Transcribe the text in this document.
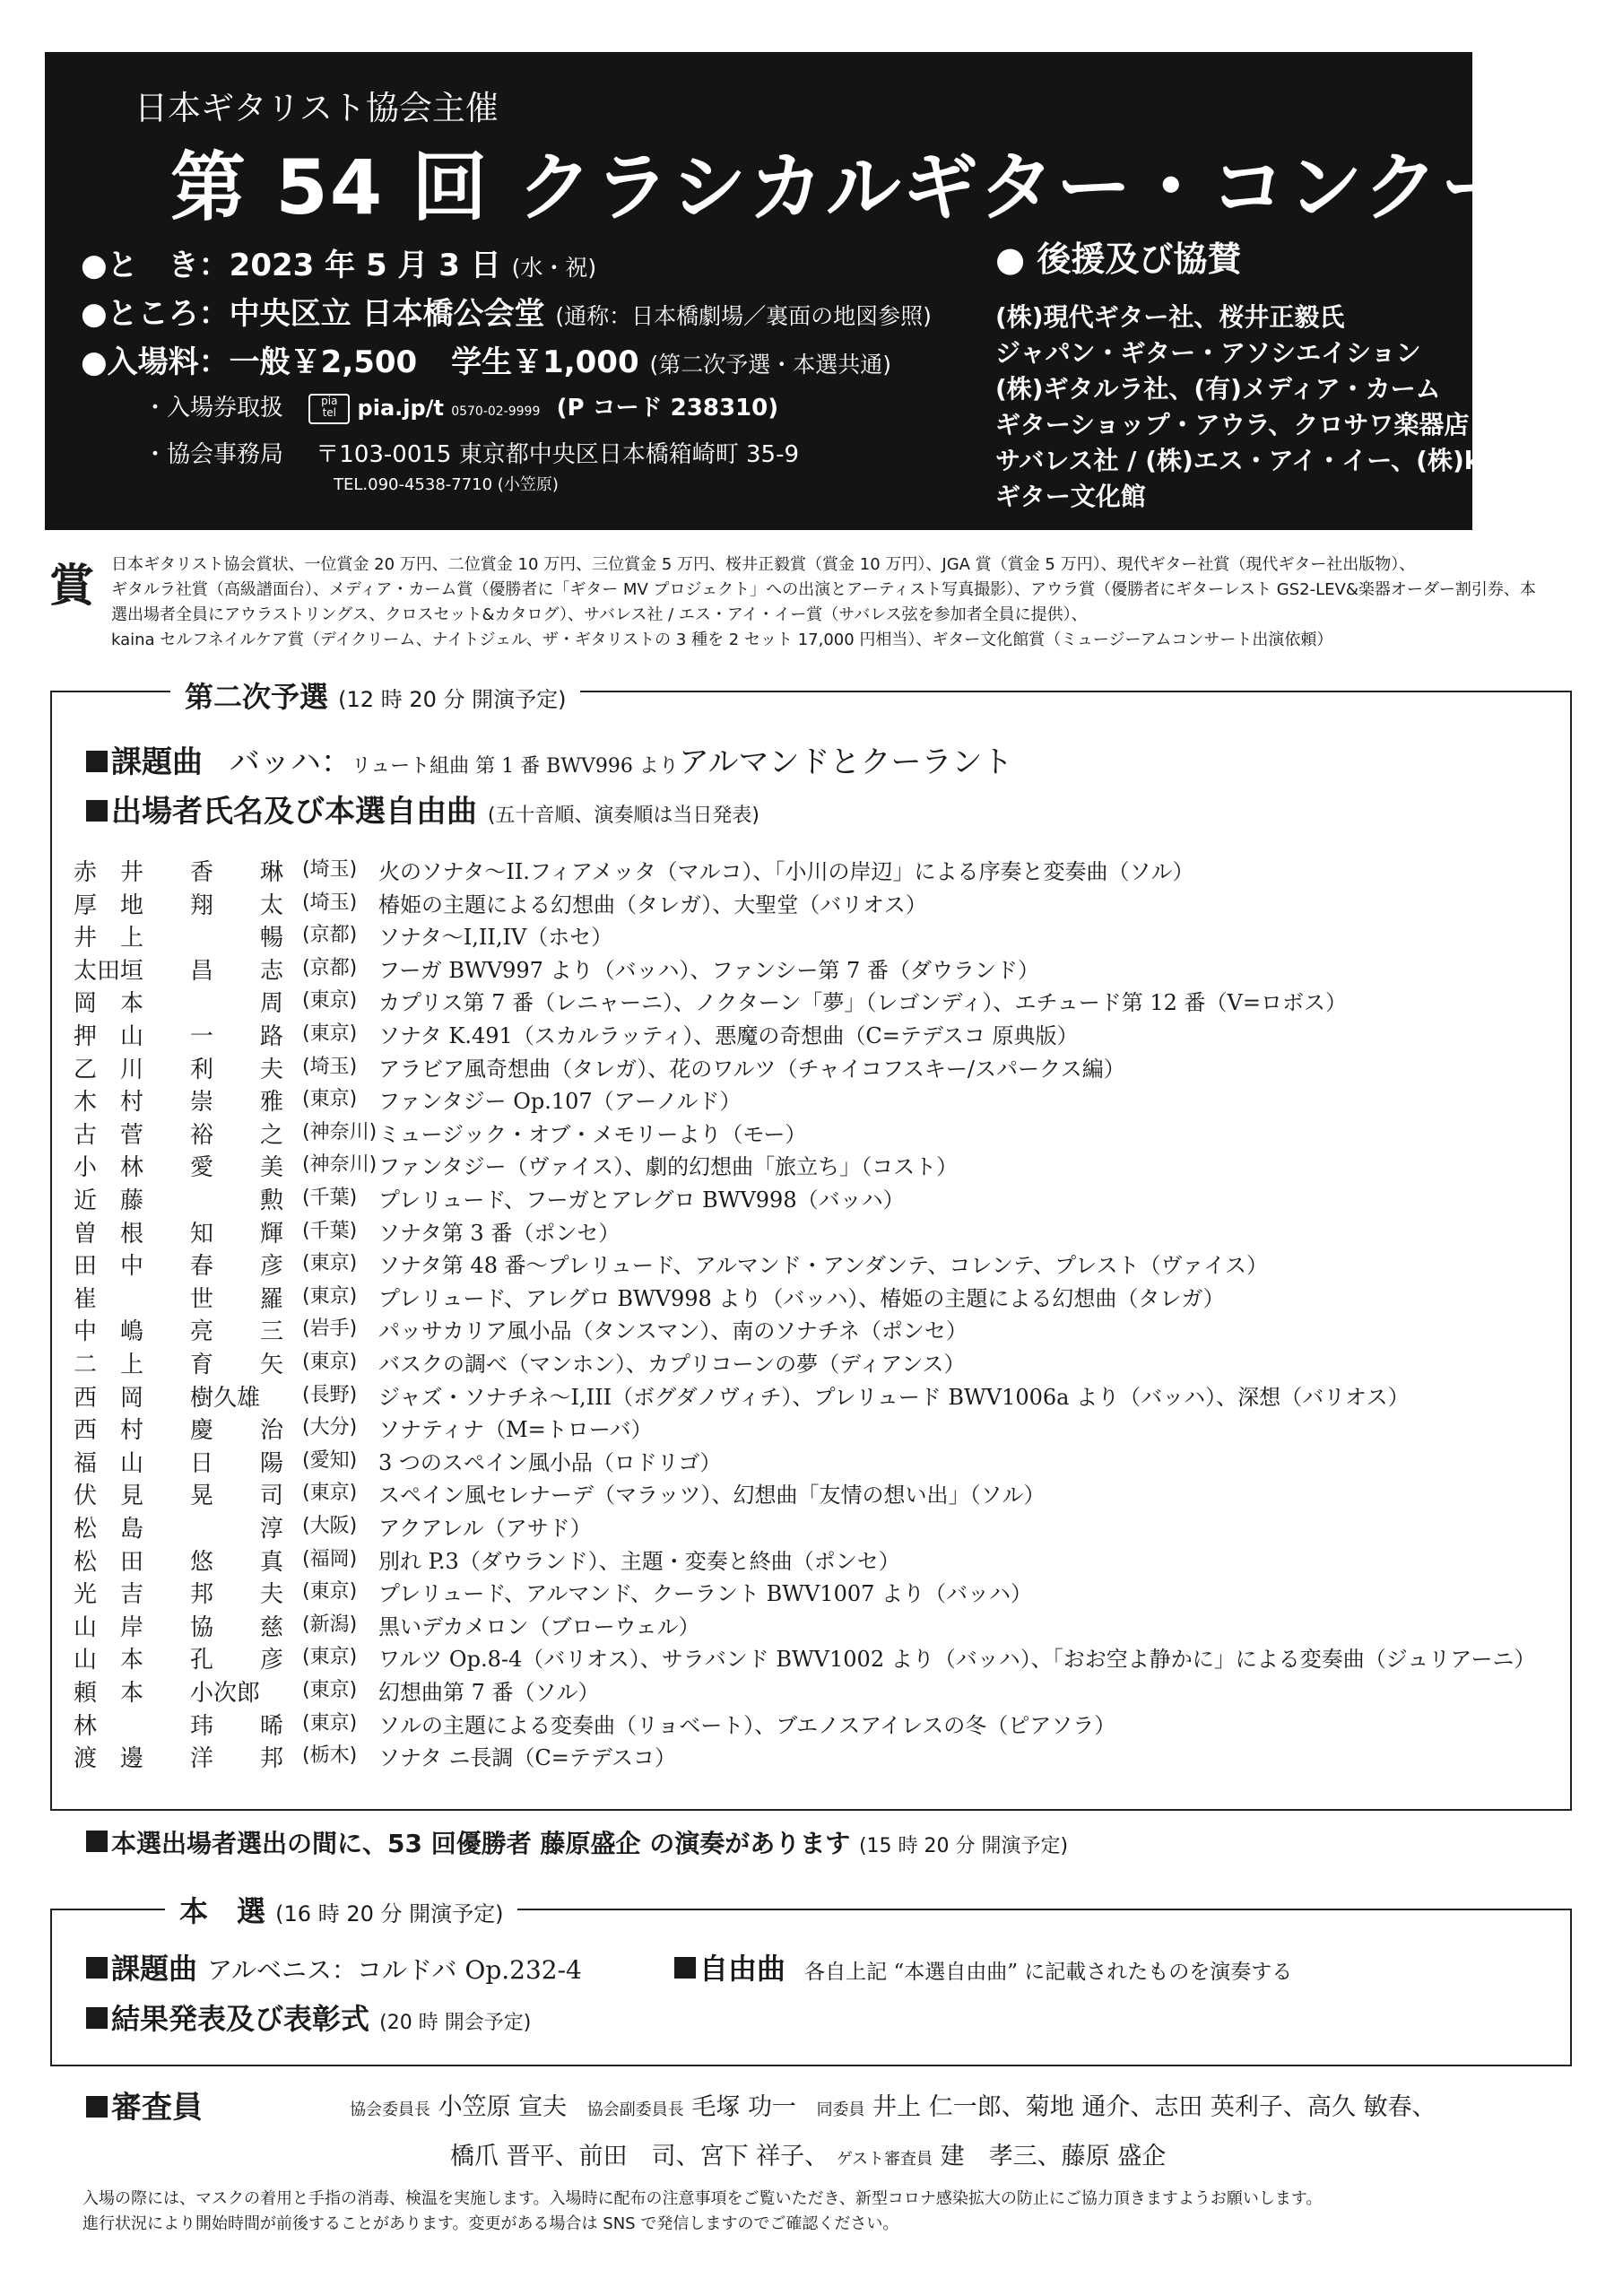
日本ギタリスト協会主催
第 54 回 クラシカルギター・コンクール
●と　き：2023 年 5 月 3 日 (水・祝)
●ところ：中央区立 日本橋公会堂 (通称：日本橋劇場／裏面の地図参照)
●入場料：一般￥2,500 学生￥1,000 (第二次予選・本選共通)
・入場券取扱	pia
tel pia.jp/t 0570-02-9999 (P コード 238310)
・協会事務局 〒103-0015 東京都中央区日本橋箱崎町 35-9
TEL.090-4538-7710 (小笠原)
● 後援及び協賛
(株)現代ギター社、桜井正毅氏
ジャパン・ギター・アソシエイション
(株)ギタルラ社、(有)メディア・カーム
ギターショップ・アウラ、クロサワ楽器店
サバレス社 / (株)エス・アイ・イー、(株)kaina
ギター文化館
賞 日本ギタリスト協会賞状、一位賞金 20 万円、二位賞金 10 万円、三位賞金 5 万円、桜井正毅賞（賞金 10 万円）、JGA 賞（賞金 5 万円）、現代ギター社賞（現代ギター社出版物）、
ギタルラ社賞（高級譜面台）、メディア・カーム賞（優勝者に「ギター MV プロジェクト」への出演とアーティスト写真撮影）、アウラ賞（優勝者にギターレスト GS2-LEV&楽器オーダー割引券、本
選出場者全員にアウラストリングス、クロスセット&カタログ）、サバレス社 / エス・アイ・イー賞（サバレス弦を参加者全員に提供）、
kaina セルフネイルケア賞（デイクリーム、ナイトジェル、ザ・ギタリストの 3 種を 2 セット 17,000 円相当）、ギター文化館賞（ミュージーアムコンサート出演依頼）
第二次予選 (12 時 20 分 開演予定)
課題曲 バッハ：リュート組曲 第 1 番 BWV996 よりアルマンドとクーラント
出場者氏名及び本選自由曲 (五十音順、演奏順は当日発表)
赤　井　　香　　琳 (埼玉) 火のソナタ〜II.フィアメッタ（マルコ）、「小川の岸辺」による序奏と変奏曲（ソル）
厚　地　　翔　　太 (埼玉) 椿姫の主題による幻想曲（タレガ）、大聖堂（バリオス）
井　上　　　　　暢 (京都) ソナタ〜I,II,IV（ホセ）
太田垣　　昌　　志 (京都) フーガ BWV997 より（バッハ）、ファンシー第 7 番（ダウランド）
岡　本　　　　　周 (東京) カプリス第 7 番（レニャーニ）、ノクターン「夢」（レゴンディ）、エチュード第 12 番（V=ロボス）
押　山　　一　　路 (東京) ソナタ K.491（スカルラッティ）、悪魔の奇想曲（C=テデスコ 原典版）
乙　川　　利　　夫 (埼玉) アラビア風奇想曲（タレガ）、花のワルツ（チャイコフスキー/スパークス編）
木　村　　崇　　雅 (東京) ファンタジー Op.107（アーノルド）
古　菅　　裕　　之 (神奈川) ミュージック・オブ・メモリーより（モー）
小　林　　愛　　美 (神奈川) ファンタジー（ヴァイス）、劇的幻想曲「旅立ち」（コスト）
近　藤　　　　　勲 (千葉) プレリュード、フーガとアレグロ BWV998（バッハ）
曽　根　　知　　輝 (千葉) ソナタ第 3 番（ポンセ）
田　中　　春　　彦 (東京) ソナタ第 48 番〜プレリュード、アルマンド・アンダンテ、コレンテ、プレスト（ヴァイス）
崔　　　　世　　羅 (東京) プレリュード、アレグロ BWV998 より（バッハ）、椿姫の主題による幻想曲（タレガ）
中　嶋　　亮　　三 (岩手) パッサカリア風小品（タンスマン）、南のソナチネ（ポンセ）
二　上　　育　　矢 (東京) バスクの調べ（マンホン）、カプリコーンの夢（ディアンス）
西　岡　　樹久雄	(長野) ジャズ・ソナチネ〜I,III（ボグダノヴィチ）、プレリュード BWV1006a より（バッハ）、深想（バリオス）
西　村　　慶　　治 (大分) ソナティナ（M=トローバ）
福　山　　日　　陽 (愛知) 3 つのスペイン風小品（ロドリゴ）
伏　見　　晃　　司 (東京) スペイン風セレナーデ（マラッツ）、幻想曲「友情の想い出」（ソル）
松　島　　　　　淳 (大阪) アクアレル（アサド）
松　田　　悠　　真 (福岡) 別れ P.3（ダウランド）、主題・変奏と終曲（ポンセ）
光　吉　　邦　　夫 (東京) プレリュード、アルマンド、クーラント BWV1007 より（バッハ）
山　岸　　協　　慈 (新潟) 黒いデカメロン（ブローウェル）
山　本　　孔　　彦 (東京) ワルツ Op.8-4（バリオス）、サラバンド BWV1002 より（バッハ）、「おお空よ静かに」による変奏曲（ジュリアーニ）
頼　本　　小次郎	(東京) 幻想曲第 7 番（ソル）
林　　　　玮　　晞 (東京) ソルの主題による変奏曲（リョベート）、ブエノスアイレスの冬（ピアソラ）
渡　邊　　洋　　邦 (栃木) ソナタ ニ長調（C=テデスコ）
本選出場者選出の間に、53 回優勝者 藤原盛企 の演奏があります (15 時 20 分 開演予定)
本　選 (16 時 20 分 開演予定)
課題曲 アルベニス：コルドバ Op.232-4	自由曲 各自上記 “本選自由曲” に記載されたものを演奏する
結果発表及び表彰式 (20 時 開会予定)
審査員	協会委員長 小笠原 宣夫 協会副委員長 毛塚 功一 同委員 井上 仁一郎、菊地 通介、志田 英利子、高久 敏春、
橋爪 晋平、前田　司、宮下 祥子、 ゲスト審査員 建　孝三、藤原 盛企
入場の際には、マスクの着用と手指の消毒、検温を実施します。入場時に配布の注意事項をご覧いただき、新型コロナ感染拡大の防止にご協力頂きますようお願いします。
進行状況により開始時間が前後することがあります。変更がある場合は SNS で発信しますのでご確認ください。
